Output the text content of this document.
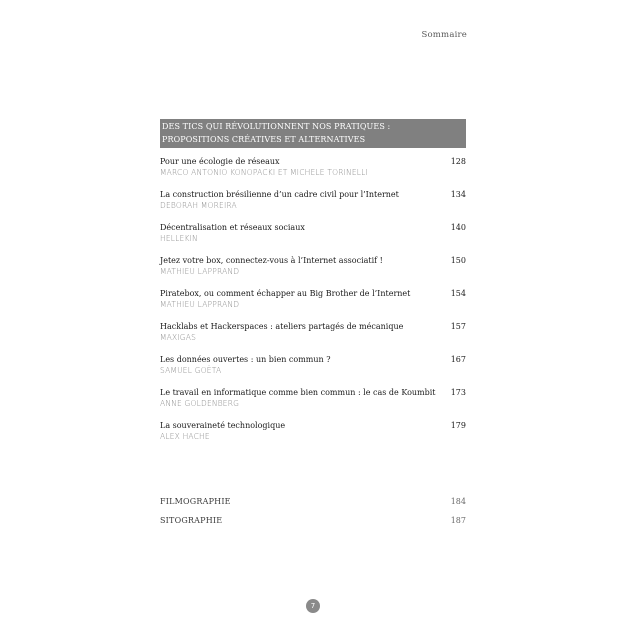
Sommaire
DES TICS QUI RÉVOLUTIONNENT NOS PRATIQUES :
PROPOSITIONS CRÉATIVES ET ALTERNATIVES
Pour une écologie de réseaux
MARCO ANTONIO KONOPACKI ET MICHELE TORINELLI
128
La construction brésilienne d’un cadre civil pour l’Internet
DEBORAH MOREIRA
134
Décentralisation et réseaux sociaux
HELLEKIN
140
Jetez votre box, connectez-vous à l’Internet associatif !
MATHIEU LAPPRAND
150
Piratebox, ou comment échapper au Big Brother de l’Internet
MATHIEU LAPPRAND
154
Hacklabs et Hackerspaces : ateliers partagés de mécanique
MAXIGAS
157
Les données ouvertes : un bien commun ?
SAMUEL GOËTA
167
Le travail en informatique comme bien commun : le cas de Koumbit
ANNE GOLDENBERG
173
La souveraineté technologique
ALEX HACHE
179
FILMOGRAPHIE	184
SITOGRAPHIE	187
7
